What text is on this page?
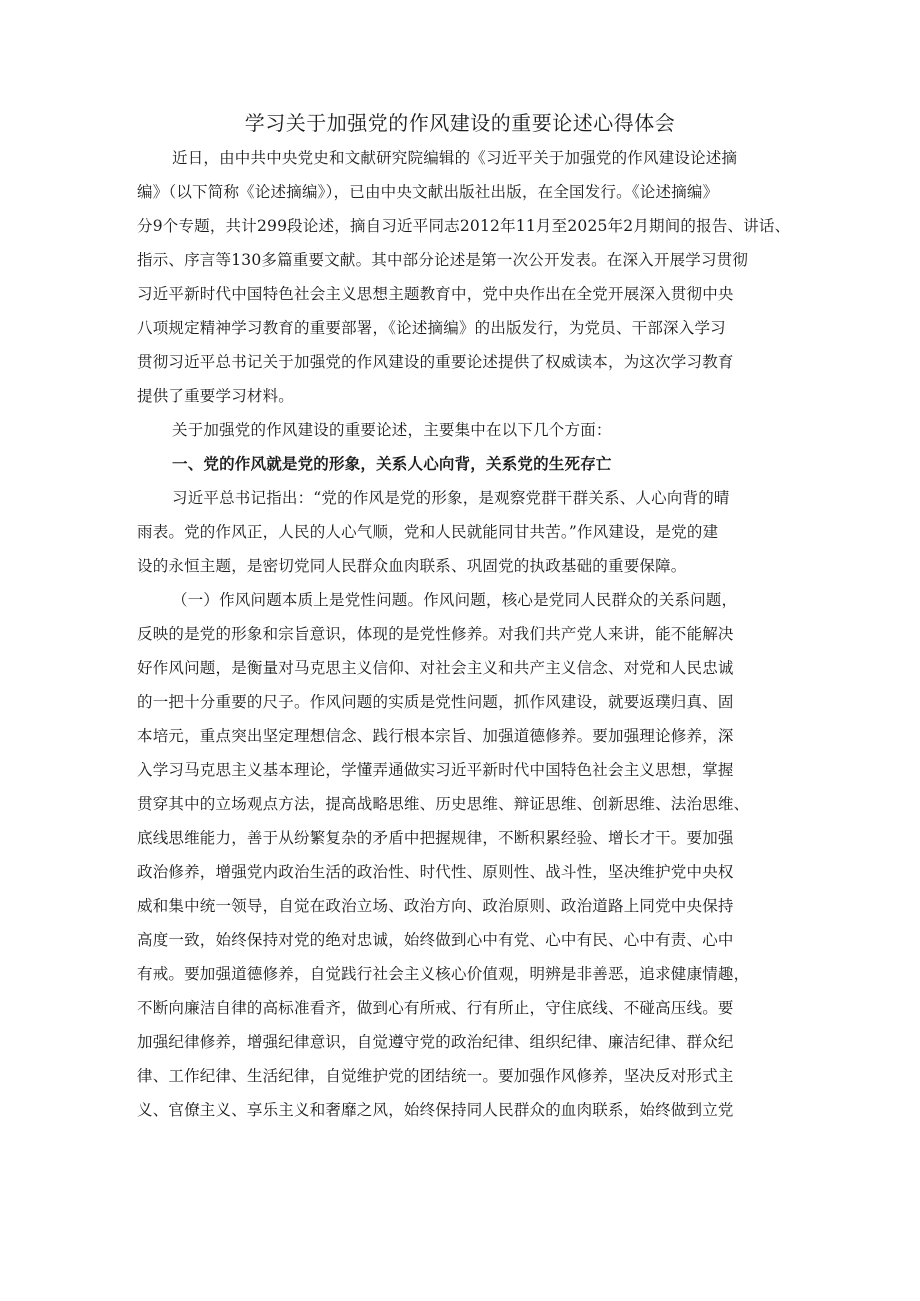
学习关于加强党的作风建设的重要论述心得体会
近日，由中共中央党史和文献研究院编辑的《习近平关于加强党的作风建设论述摘
编》（以下简称《论述摘编》），已由中央文献出版社出版，在全国发行。《论述摘编》
分9个专题，共计299段论述，摘自习近平同志2012年11月至2025年2月期间的报告、讲话、
指示、序言等130多篇重要文献。其中部分论述是第一次公开发表。在深入开展学习贯彻
习近平新时代中国特色社会主义思想主题教育中，党中央作出在全党开展深入贯彻中央
八项规定精神学习教育的重要部署，《论述摘编》的出版发行，为党员、干部深入学习
贯彻习近平总书记关于加强党的作风建设的重要论述提供了权威读本，为这次学习教育
提供了重要学习材料。
关于加强党的作风建设的重要论述，主要集中在以下几个方面：
一、党的作风就是党的形象，关系人心向背，关系党的生死存亡
习近平总书记指出：“党的作风是党的形象，是观察党群干群关系、人心向背的晴
雨表。党的作风正，人民的人心气顺，党和人民就能同甘共苦。”作风建设，是党的建
设的永恒主题，是密切党同人民群众血肉联系、巩固党的执政基础的重要保障。
（一）作风问题本质上是党性问题。作风问题，核心是党同人民群众的关系问题，
反映的是党的形象和宗旨意识，体现的是党性修养。对我们共产党人来讲，能不能解决
好作风问题，是衡量对马克思主义信仰、对社会主义和共产主义信念、对党和人民忠诚
的一把十分重要的尺子。作风问题的实质是党性问题，抓作风建设，就要返璞归真、固
本培元，重点突出坚定理想信念、践行根本宗旨、加强道德修养。要加强理论修养，深
入学习马克思主义基本理论，学懂弄通做实习近平新时代中国特色社会主义思想，掌握
贯穿其中的立场观点方法，提高战略思维、历史思维、辩证思维、创新思维、法治思维、
底线思维能力，善于从纷繁复杂的矛盾中把握规律，不断积累经验、增长才干。要加强
政治修养，增强党内政治生活的政治性、时代性、原则性、战斗性，坚决维护党中央权
威和集中统一领导，自觉在政治立场、政治方向、政治原则、政治道路上同党中央保持
高度一致，始终保持对党的绝对忠诚，始终做到心中有党、心中有民、心中有责、心中
有戒。要加强道德修养，自觉践行社会主义核心价值观，明辨是非善恶，追求健康情趣，
不断向廉洁自律的高标准看齐，做到心有所戒、行有所止，守住底线、不碰高压线。要
加强纪律修养，增强纪律意识，自觉遵守党的政治纪律、组织纪律、廉洁纪律、群众纪
律、工作纪律、生活纪律，自觉维护党的团结统一。要加强作风修养，坚决反对形式主
义、官僚主义、享乐主义和奢靡之风，始终保持同人民群众的血肉联系，始终做到立党
